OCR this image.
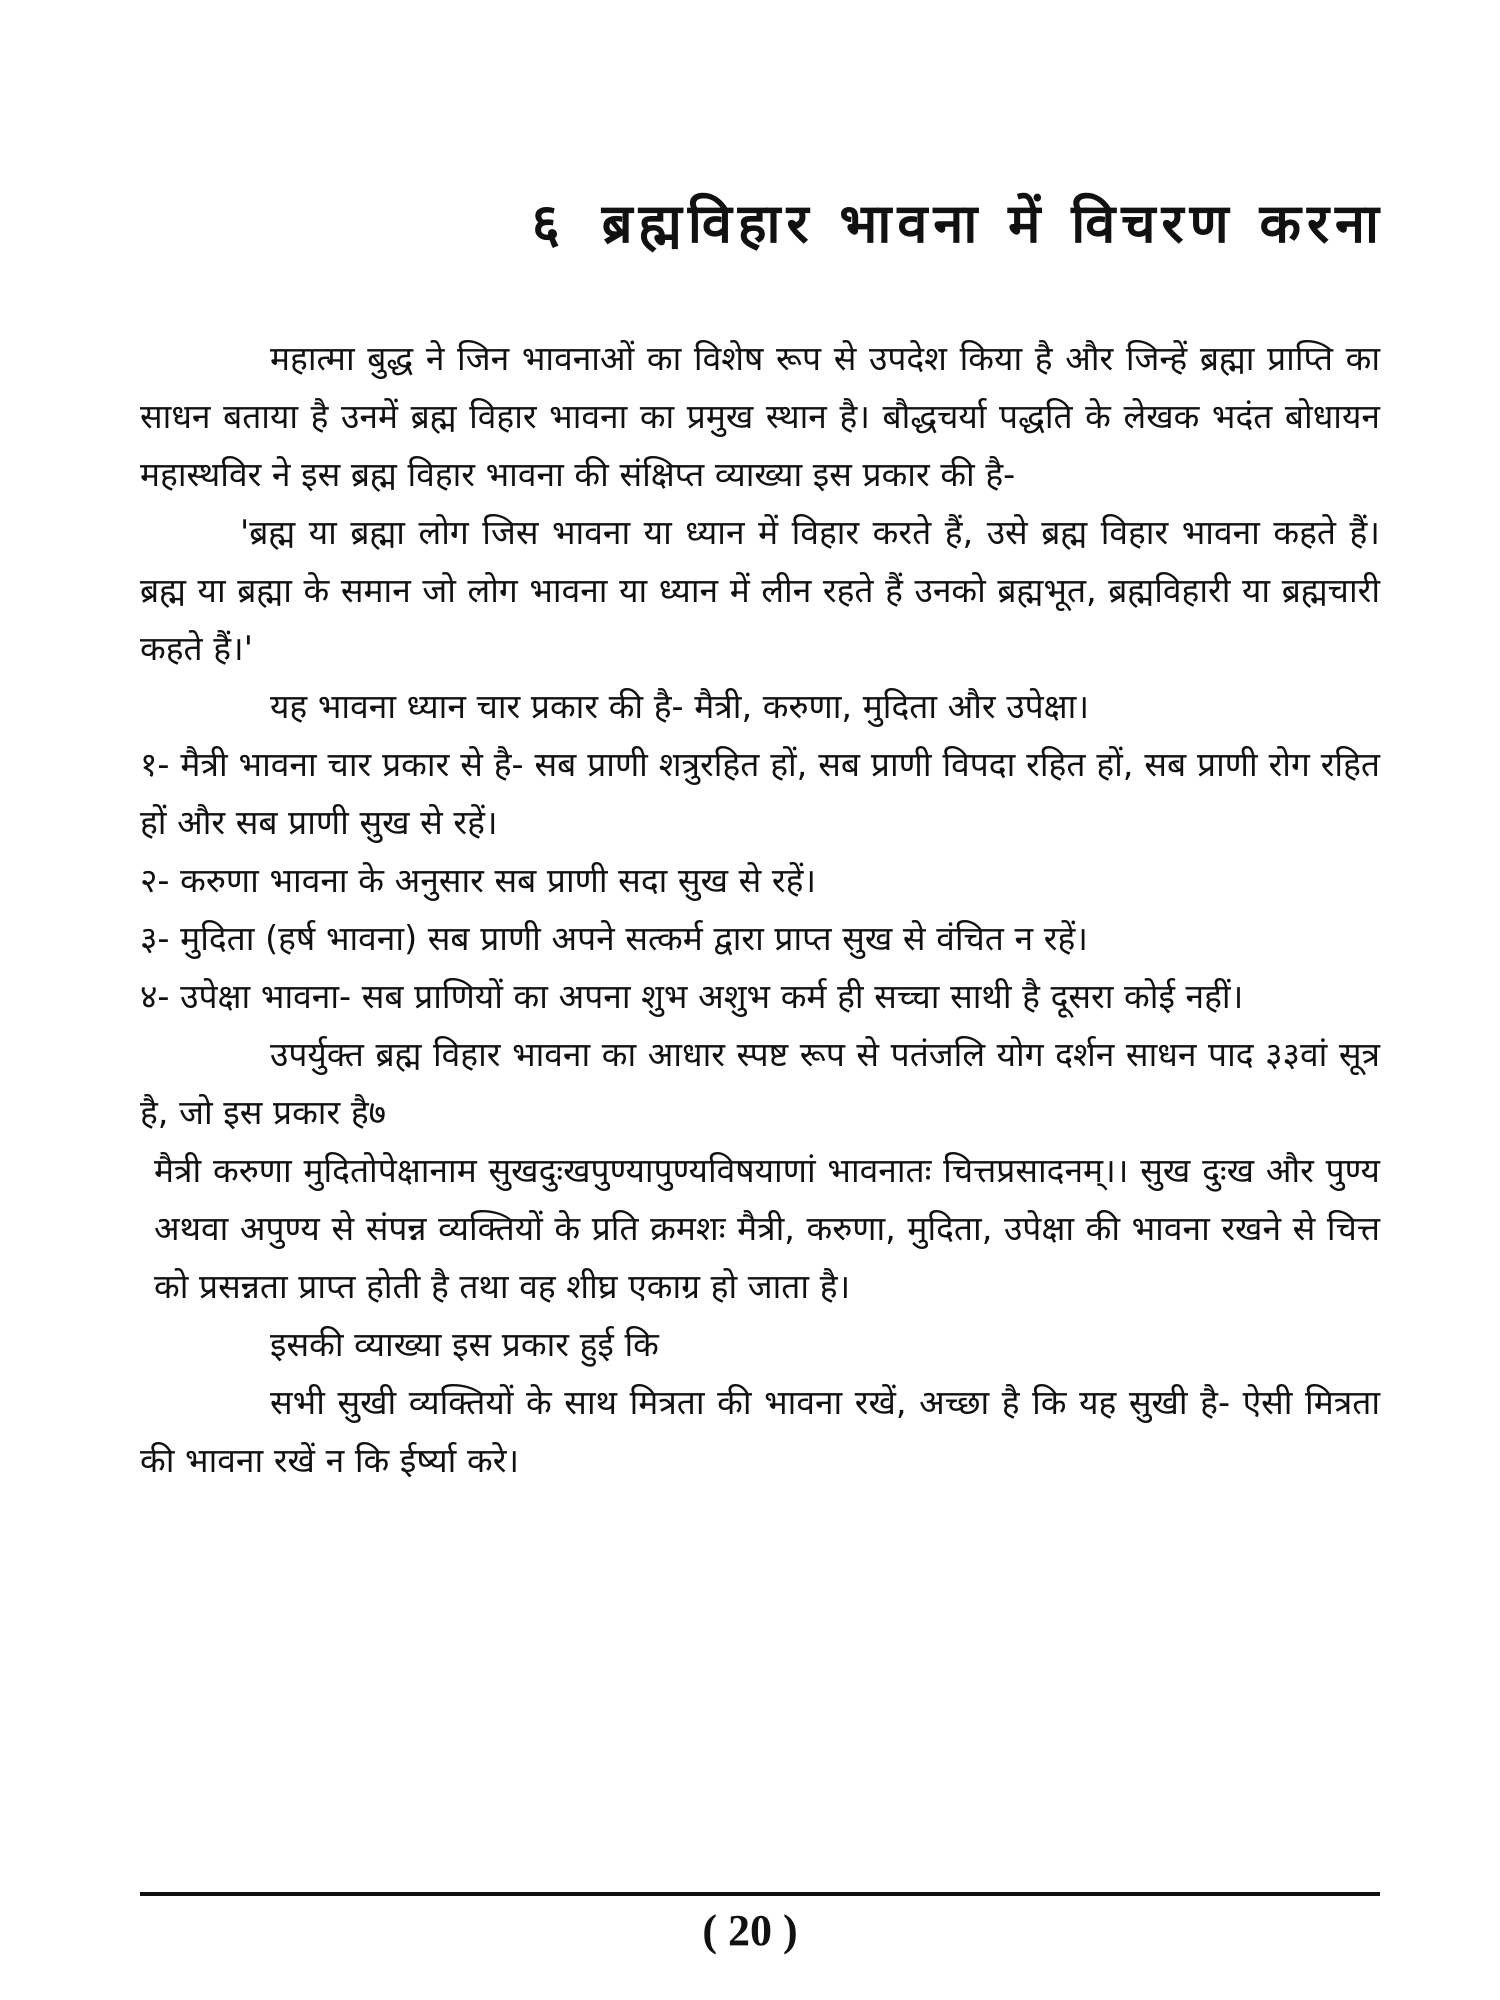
६ ब्रह्मविहार भावना में विचरण करना

महात्मा बुद्ध ने जिन भावनाओं का विशेष रूप से उपदेश किया है और जिन्हें ब्रह्मा प्राप्ति का साधन बताया है उनमें ब्रह्म विहार भावना का प्रमुख स्थान है। बौद्धचर्या पद्धति के लेखक भदंत बोधायन महास्थविर ने इस ब्रह्म विहार भावना की संक्षिप्त व्याख्या इस प्रकार की है-

'ब्रह्म या ब्रह्मा लोग जिस भावना या ध्यान में विहार करते हैं, उसे ब्रह्म विहार भावना कहते हैं। ब्रह्म या ब्रह्मा के समान जो लोग भावना या ध्यान में लीन रहते हैं उनको ब्रह्मभूत, ब्रह्मविहारी या ब्रह्मचारी कहते हैं।'

यह भावना ध्यान चार प्रकार की है- मैत्री, करुणा, मुदिता और उपेक्षा।

१- मैत्री भावना चार प्रकार से है- सब प्राणी शत्रुरहित हों, सब प्राणी विपदा रहित हों, सब प्राणी रोग रहित हों और सब प्राणी सुख से रहें।

२- करुणा भावना के अनुसार सब प्राणी सदा सुख से रहें।

३- मुदिता (हर्ष भावना) सब प्राणी अपने सत्कर्म द्वारा प्राप्त सुख से वंचित न रहें।

४- उपेक्षा भावना- सब प्राणियों का अपना शुभ अशुभ कर्म ही सच्चा साथी है दूसरा कोई नहीं।

उपर्युक्त ब्रह्म विहार भावना का आधार स्पष्ट रूप से पतंजलि योग दर्शन साधन पाद ३३वां सूत्र है, जो इस प्रकार है७

मैत्री करुणा मुदितोपेक्षानाम सुखदुःखपुण्यापुण्यविषयाणां भावनातः चित्तप्रसादनम्।। सुख दुःख और पुण्य अथवा अपुण्य से संपन्न व्यक्तियों के प्रति क्रमशः मैत्री, करुणा, मुदिता, उपेक्षा की भावना रखने से चित्त को प्रसन्नता प्राप्त होती है तथा वह शीघ्र एकाग्र हो जाता है।

इसकी व्याख्या इस प्रकार हुई कि

सभी सुखी व्यक्तियों के साथ मित्रता की भावना रखें, अच्छा है कि यह सुखी है- ऐसी मित्रता की भावना रखें न कि ईर्ष्या करे।

( 20 )
